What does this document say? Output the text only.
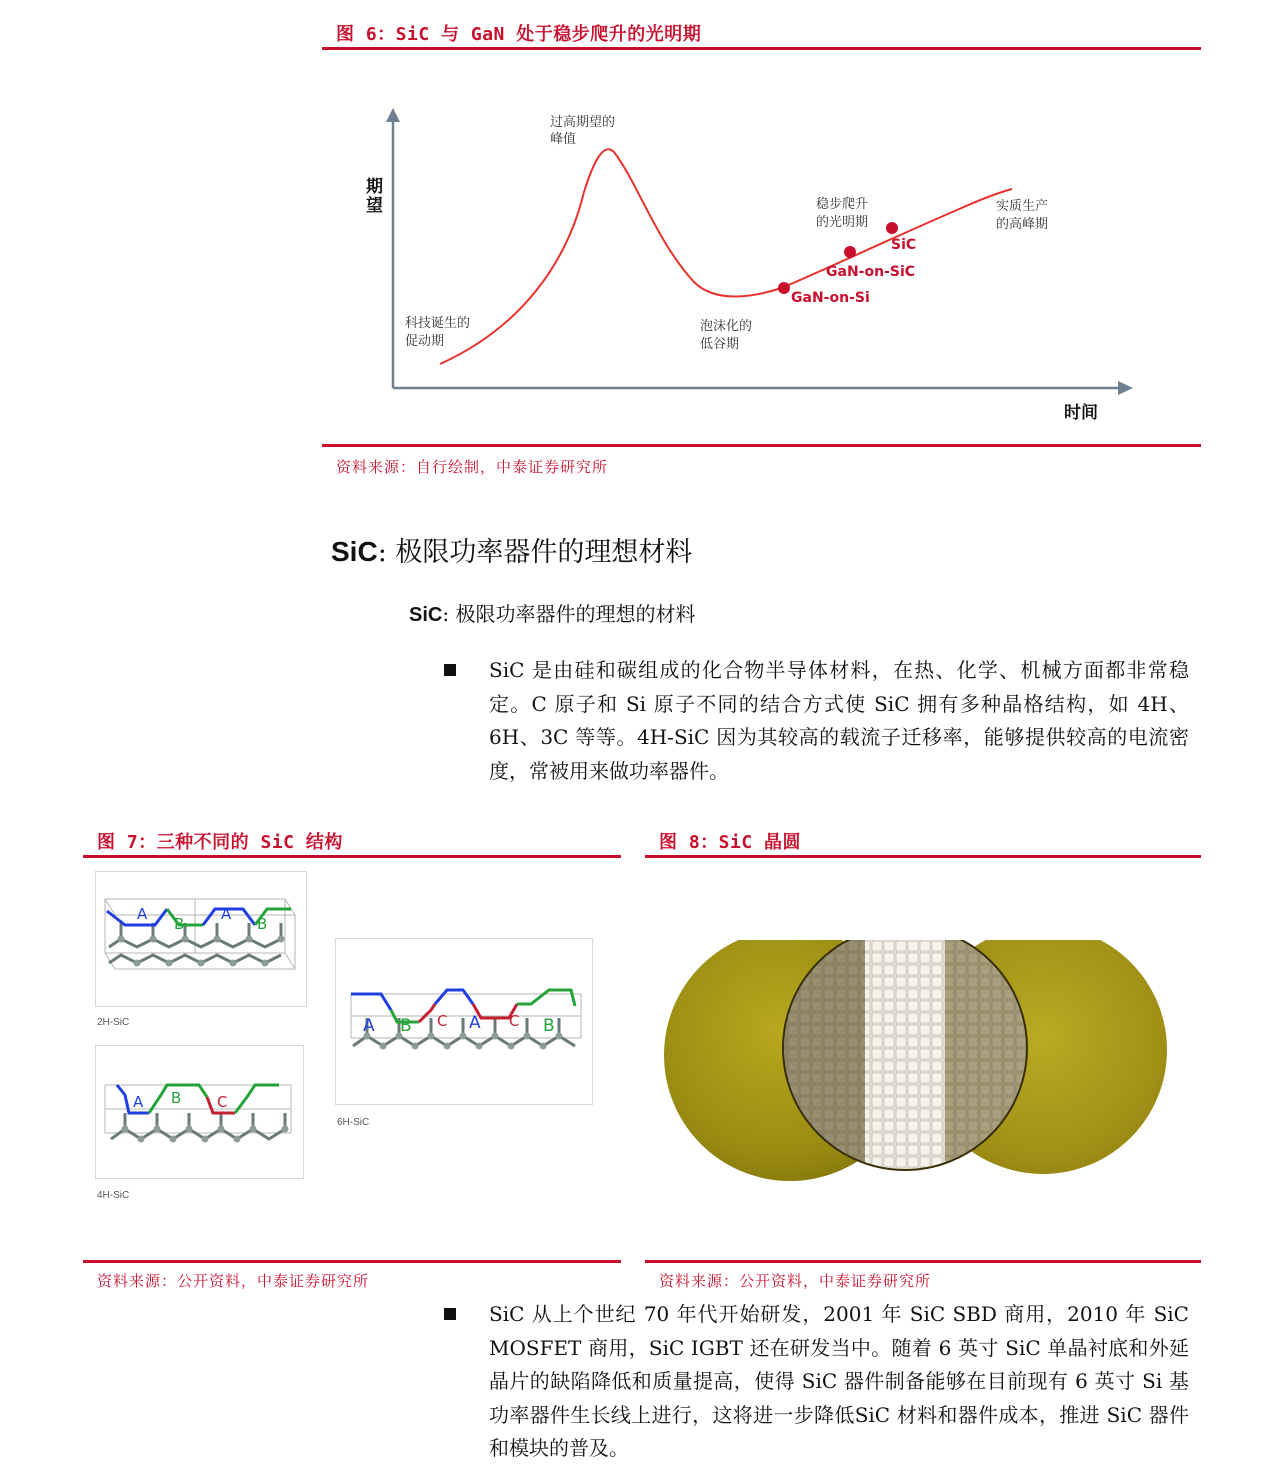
图 6：SiC 与 GaN 处于稳步爬升的光明期
期
望
时间
SiC
GaN-on-SiC
GaN-on-Si
过高期望的
峰值
稳步爬升
的光明期
实质生产
的高峰期
科技诞生的
促动期
泡沫化的
低谷期
资料来源：自行绘制，中泰证券研究所
SiC: 极限功率器件的理想材料
SiC: 极限功率器件的理想的材料
SiC 是由硅和碳组成的化合物半导体材料，在热、化学、机械方面都非常稳定。C 原子和 Si 原子不同的结合方式使 SiC 拥有多种晶格结构，如 4H、6H、3C 等等。4H-SiC 因为其较高的载流子迁移率，能够提供较高的电流密度，常被用来做功率器件。
图 7：三种不同的 SiC 结构
A
B
A
B
2H-SiC
A B C
4H-SiC
A B C A C B
6H-SiC
资料来源：公开资料，中泰证券研究所
图 8：SiC 晶圆
资料来源：公开资料，中泰证券研究所
SiC 从上个世纪 70 年代开始研发，2001 年 SiC SBD 商用，2010 年 SiC MOSFET 商用，SiC IGBT 还在研发当中。随着 6 英寸 SiC 单晶衬底和外延晶片的缺陷降低和质量提高，使得 SiC 器件制备能够在目前现有 6 英寸 Si 基功率器件生长线上进行，这将进一步降低SiC 材料和器件成本，推进 SiC 器件和模块的普及。
